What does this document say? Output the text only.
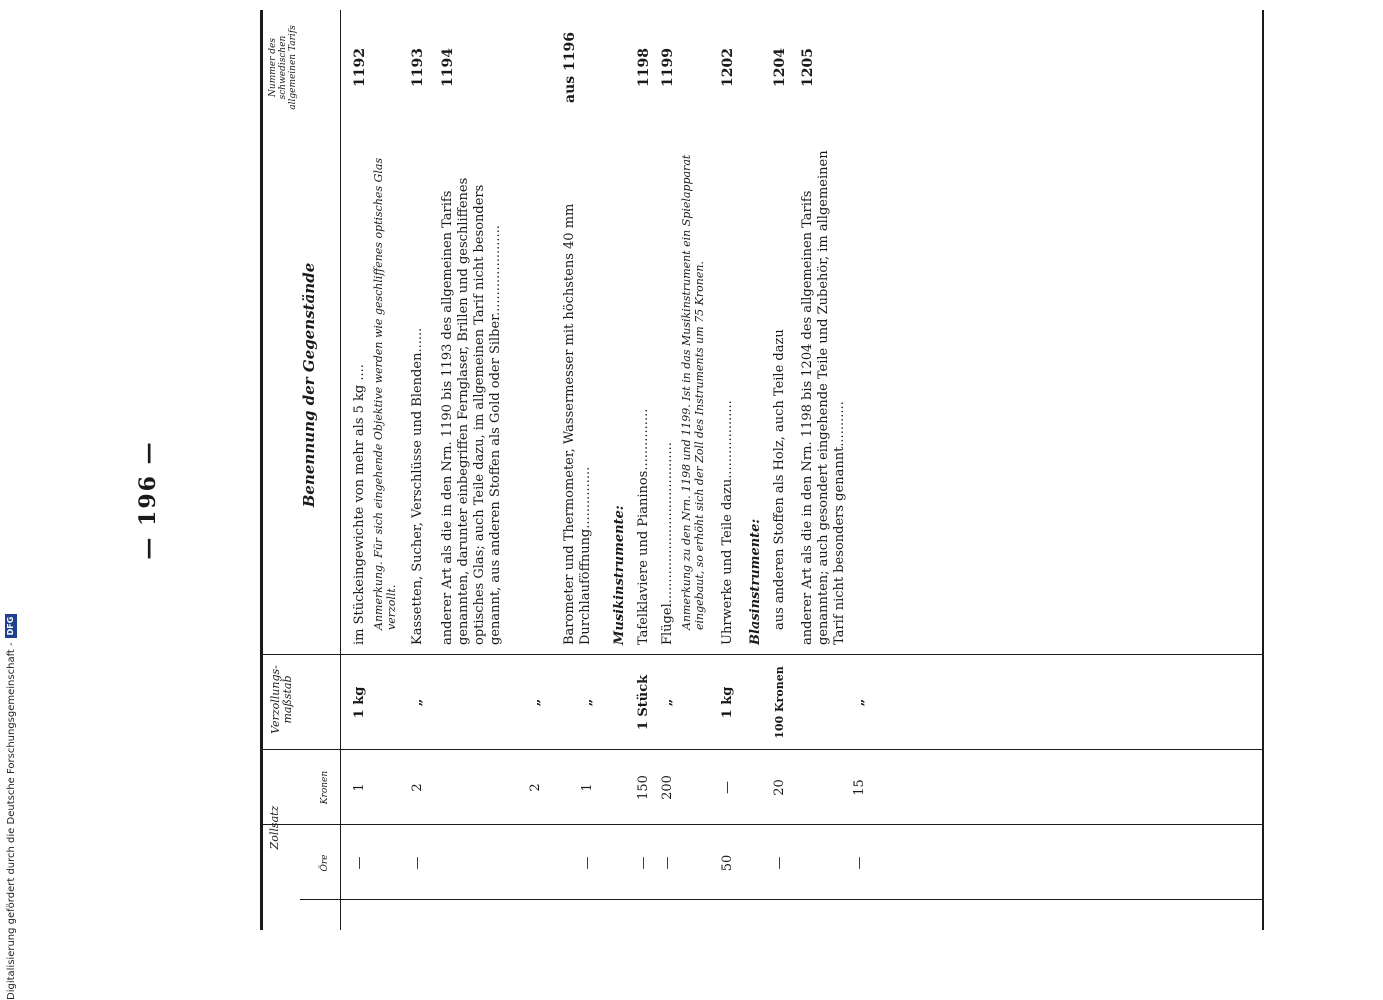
— 196 —
Nummer des schwedischen allgemeinen Tarifs
Benennung der Gegenstände
Verzollungs-maßstab
Zollsatz
Kronen
Öre
1192
im Stückeingewichte von mehr als 5 kg .... Anmerkung. Für sich eingehende Objektive werden wie geschliffenes optisches Glas verzollt.
1 kg
1
—
1193
Kassetten, Sucher, Verschlüsse und Blenden......
„
2
—
1194
anderer Art als die in den Nrn. 1190 bis 1193 des allgemeinen Tarifs genannten, darunter einbegriffen Fernglaser, Brillen und geschliffenes optisches Glas; auch Teile dazu, im allgemeinen Tarif nicht besonders genannt, aus anderen Stoffen als Gold oder Silber......................
„
2
aus 1196
Barometer und Thermometer, Wassermesser mit höchstens 40 mm Durchlauföffnung...............
„
1
—
Musikinstrumente:
1198
Tafelklaviere und Pianinos...............
1 Stück
150
—
1199
Flügel....................................... Anmerkung zu den Nrn. 1198 und 1199. Ist in das Musikinstrument ein Spielapparat eingebaut, so erhöht sich der Zoll des Instruments um 75 Kronen.
„
200
—
1202
Uhrwerke und Teile dazu...................
1 kg
—
50
Blasinstrumente:
1204
aus anderen Stoffen als Holz, auch Teile dazu
100 Kronen
20
—
1205
anderer Art als die in den Nrn. 1198 bis 1204 des allgemeinen Tarifs genannten; auch gesondert eingehende Teile und Zubehör, im allgemeinen Tarif nicht besonders genannt...........
„
15
—
Digitalisierung gefördert durch die Deutsche Forschungsgemeinschaft -DFG
